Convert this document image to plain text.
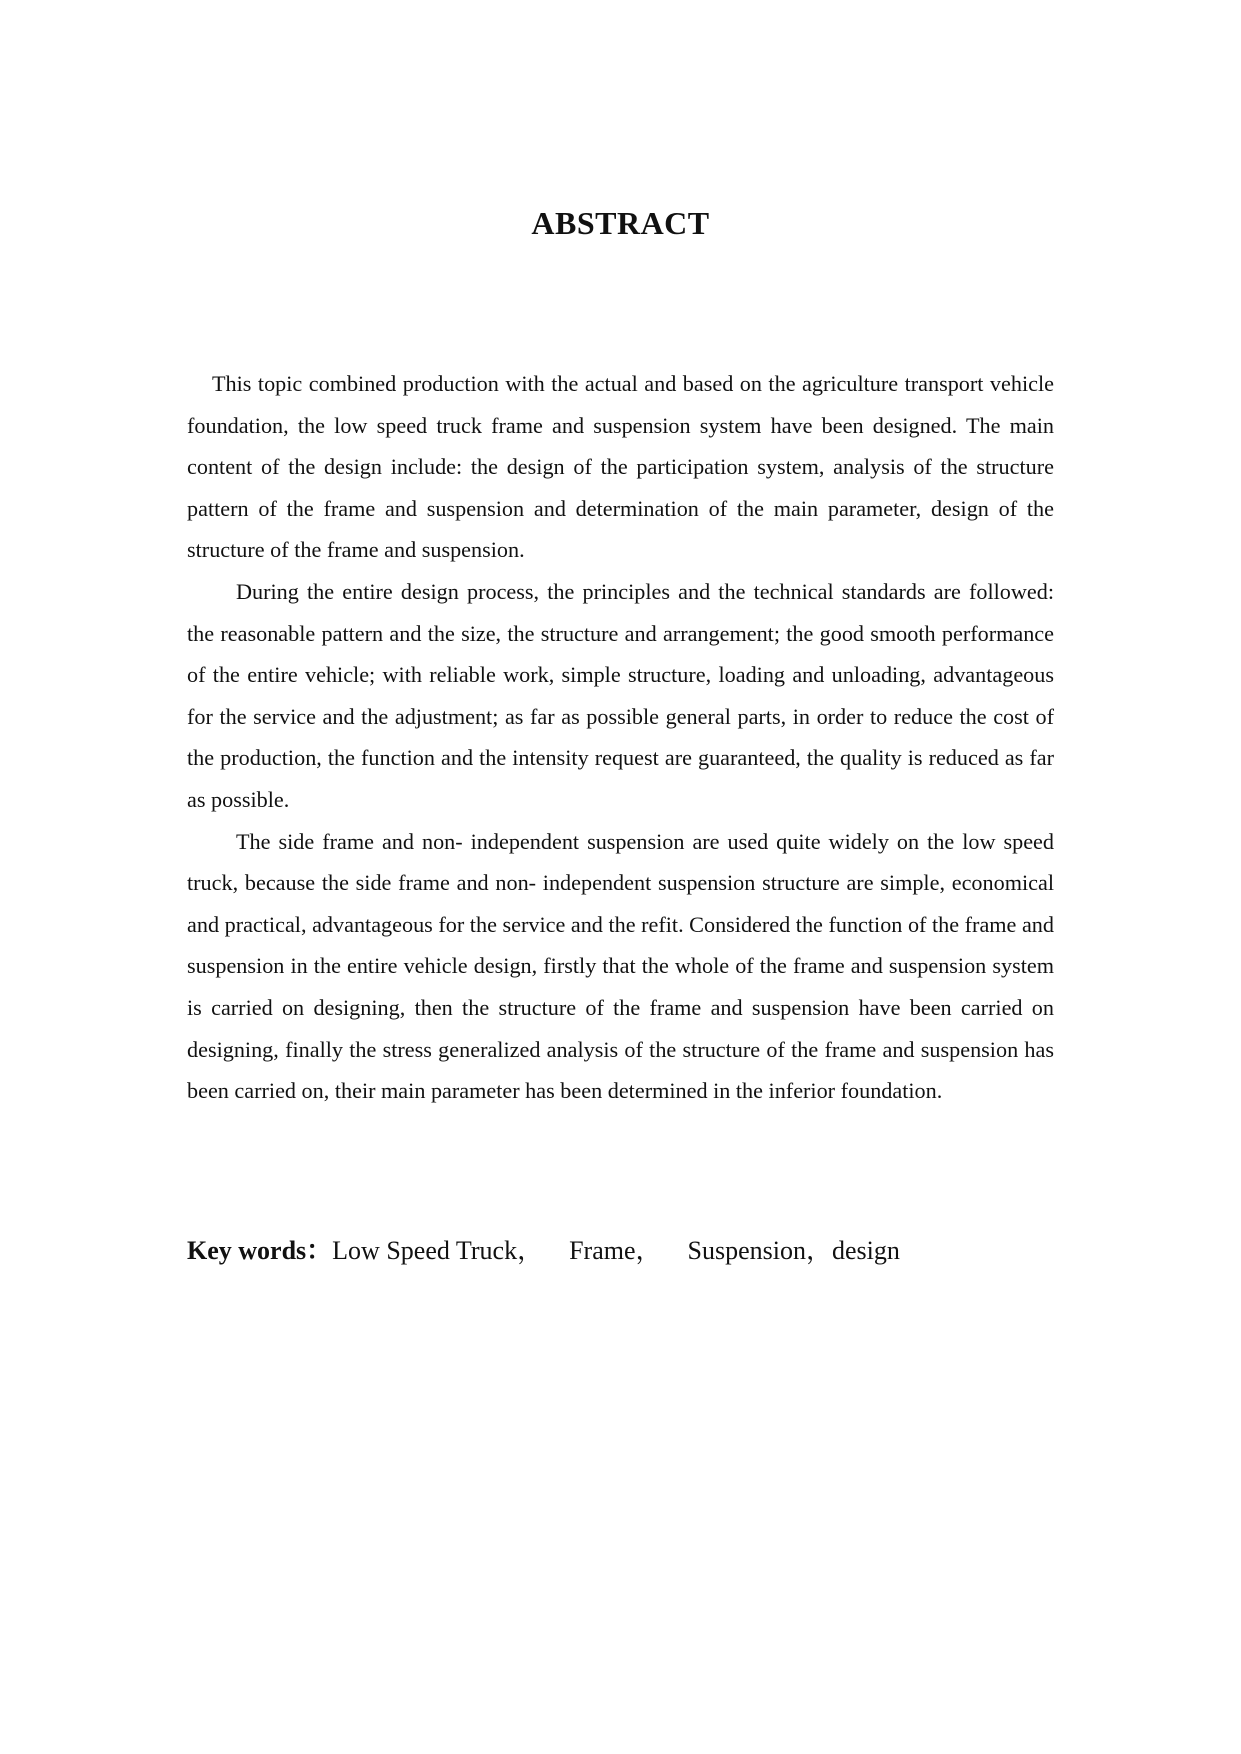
ABSTRACT

This topic combined production with the actual and based on the agriculture transport vehicle foundation, the low speed truck frame and suspension system have been designed. The main content of the design include: the design of the participation system, analysis of the structure pattern of the frame and suspension and determination of the main parameter, design of the structure of the frame and suspension.

During the entire design process, the principles and the technical standards are followed: the reasonable pattern and the size, the structure and arrangement; the good smooth performance of the entire vehicle; with reliable work, simple structure, loading and unloading, advantageous for the service and the adjustment; as far as possible general parts, in order to reduce the cost of the production, the function and the intensity request are guaranteed, the quality is reduced as far as possible.

The side frame and non- independent suspension are used quite widely on the low speed truck, because the side frame and non- independent suspension structure are simple, economical and practical, advantageous for the service and the refit. Considered the function of the frame and suspension in the entire vehicle design, firstly that the whole of the frame and suspension system is carried on designing, then the structure of the frame and suspension have been carried on designing, finally the stress generalized analysis of the structure of the frame and suspension has been carried on, their main parameter has been determined in the inferior foundation.

Key words：Low Speed Truck， Frame， Suspension，design
